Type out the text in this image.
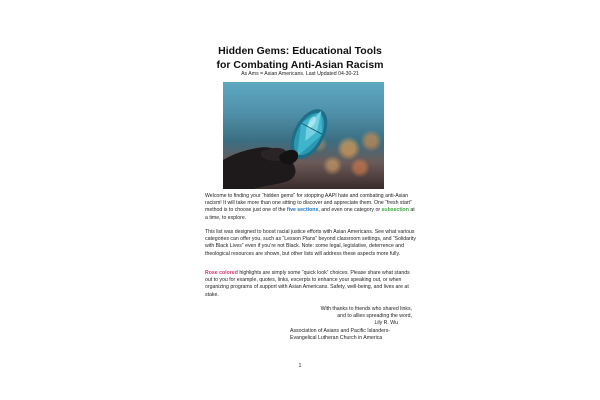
Hidden Gems: Educational Tools
for Combating Anti-Asian Racism
As Ams = Asian Americans. Last Updated 04-30-21

Welcome to finding your “hidden gems” for stopping AAPI hate and combating anti-Asian racism! It will take more than one sitting to discover and appreciate them. One “fresh start” method is to choose just one of the five sections, and even one category or subsection at a time, to explore.

This list was designed to boost racial justice efforts with Asian Americans. See what various categories can offer you, such as “Lesson Plans” beyond classroom settings, and “Solidarity with Black Lives” even if you’re not Black. Note: some legal, legislative, deterrence and theological resources are shown, but other lists will address these aspects more fully.

Rose colored highlights are simply some “quick look” choices. Please share what stands out to you for example, quotes, links, excerpts to enhance your speaking out, or when organizing programs of support with Asian Americans. Safety, well-being, and lives are at stake.

With thanks to friends who shared links,
and to allies spreading the word,
Lily R. Wu
Association of Asians and Pacific Islanders-
Evangelical Lutheran Church in America
1
